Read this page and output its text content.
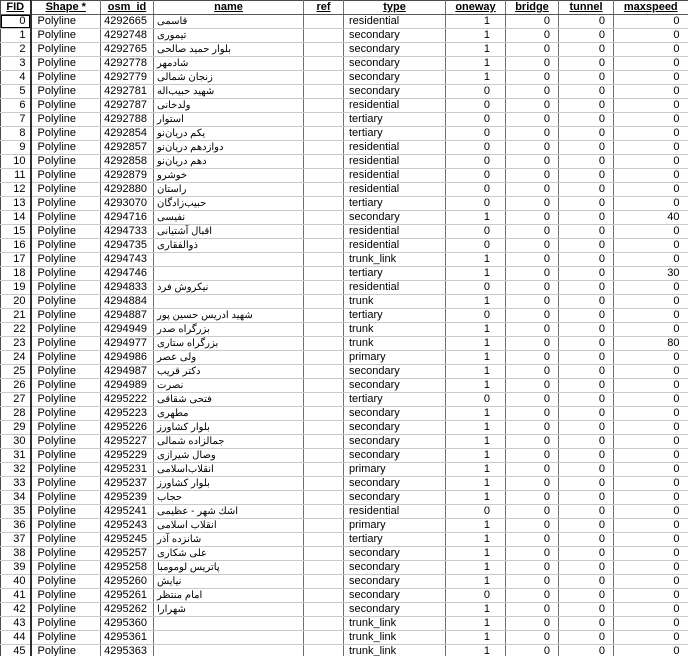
FID	Shape *	osm_id	name	ref	type	oneway	bridge	tunnel	maxspeed
0	Polyline	4292665	قاسمی		residential	1	0	0	0
1	Polyline	4292748	تيموری		secondary	1	0	0	0
2	Polyline	4292765	بلوار حميد صالحی		secondary	1	0	0	0
3	Polyline	4292778	شادمهر		secondary	1	0	0	0
4	Polyline	4292779	زنجان شمالی		secondary	1	0	0	0
5	Polyline	4292781	شهيد حبيب‌اله		secondary	0	0	0	0
6	Polyline	4292787	ولدخانی		residential	0	0	0	0
7	Polyline	4292788	استوار		tertiary	0	0	0	0
8	Polyline	4292854	يكم دريان‌نو		tertiary	0	0	0	0
9	Polyline	4292857	دوازدهم دريان‌نو		residential	0	0	0	0
10	Polyline	4292858	دهم دريان‌نو		residential	0	0	0	0
11	Polyline	4292879	خوشرو		residential	0	0	0	0
12	Polyline	4292880	راستان		residential	0	0	0	0
13	Polyline	4293070	حبيب‌زادگان		tertiary	0	0	0	0
14	Polyline	4294716	نفيسی		secondary	1	0	0	40
15	Polyline	4294733	اقبال آشتيانی		residential	0	0	0	0
16	Polyline	4294735	ذوالفقاری		residential	0	0	0	0
17	Polyline	4294743			trunk_link	1	0	0	0
18	Polyline	4294746			tertiary	1	0	0	30
19	Polyline	4294833	نيكروش فرد		residential	0	0	0	0
20	Polyline	4294884			trunk	1	0	0	0
21	Polyline	4294887	شهيد ادريس حسين پور		tertiary	0	0	0	0
22	Polyline	4294949	بزرگراه صدر		trunk	1	0	0	0
23	Polyline	4294977	بزرگراه ستاری		trunk	1	0	0	80
24	Polyline	4294986	ولی عصر		primary	1	0	0	0
25	Polyline	4294987	دكتر قريب		secondary	1	0	0	0
26	Polyline	4294989	نصرت		secondary	1	0	0	0
27	Polyline	4295222	فتحی شقاقی		tertiary	0	0	0	0
28	Polyline	4295223	مطهری		secondary	1	0	0	0
29	Polyline	4295226	بلوار كشاورز		secondary	1	0	0	0
30	Polyline	4295227	جمالزاده شمالی		secondary	1	0	0	0
31	Polyline	4295229	وصال شيرازی		secondary	1	0	0	0
32	Polyline	4295231	انقلاب‌اسلامی		primary	1	0	0	0
33	Polyline	4295237	بلوار كشاورز		secondary	1	0	0	0
34	Polyline	4295239	حجاب		secondary	1	0	0	0
35	Polyline	4295241	اشك شهر - عظيمی		residential	0	0	0	0
36	Polyline	4295243	انقلاب اسلامی		primary	1	0	0	0
37	Polyline	4295245	شانزده آذر		tertiary	1	0	0	0
38	Polyline	4295257	علی شكاری		secondary	1	0	0	0
39	Polyline	4295258	پاتريس لومومبا		secondary	1	0	0	0
40	Polyline	4295260	نيايش		secondary	1	0	0	0
41	Polyline	4295261	امام منتظر		secondary	0	0	0	0
42	Polyline	4295262	شهرارا		secondary	1	0	0	0
43	Polyline	4295360			trunk_link	1	0	0	0
44	Polyline	4295361			trunk_link	1	0	0	0
45	Polyline	4295363			trunk_link	1	0	0	0
